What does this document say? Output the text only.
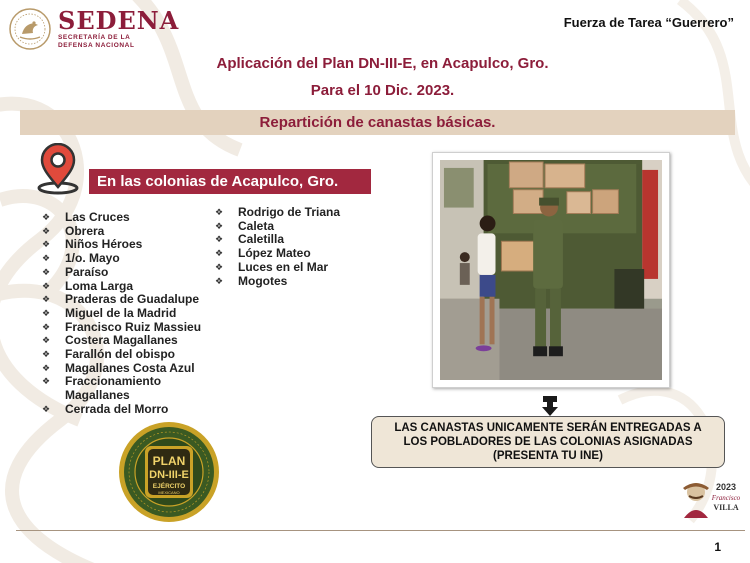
SEDENA
SECRETARÍA DE LA
DEFENSA NACIONAL
Fuerza de Tarea “Guerrero”
Aplicación del Plan DN-III-E, en Acapulco, Gro.
Para el 10 Dic. 2023.
Repartición de canastas básicas.
En las colonias de Acapulco, Gro.
❖ Las Cruces
❖ Obrera
❖ Niños Héroes
❖ 1/o. Mayo
❖ Paraíso
❖ Loma Larga
❖ Praderas de Guadalupe
❖ Miguel de la Madrid
❖ Francisco Ruiz Massieu
❖ Costera Magallanes
❖ Farallón del obispo
❖ Magallanes Costa Azul
❖ Fraccionamiento Magallanes
❖ Cerrada del Morro
❖ Rodrigo de Triana
❖ Caleta
❖ Caletilla
❖ López Mateo
❖ Luces en el Mar
❖ Mogotes
PLAN
DN-III-E
EJÉRCITO
MEXICANO
LAS CANASTAS UNICAMENTE SERÁN ENTREGADAS A LOS POBLADORES DE LAS COLONIAS ASIGNADAS (PRESENTA TU INE)
2023
Francisco
VILLA
1
